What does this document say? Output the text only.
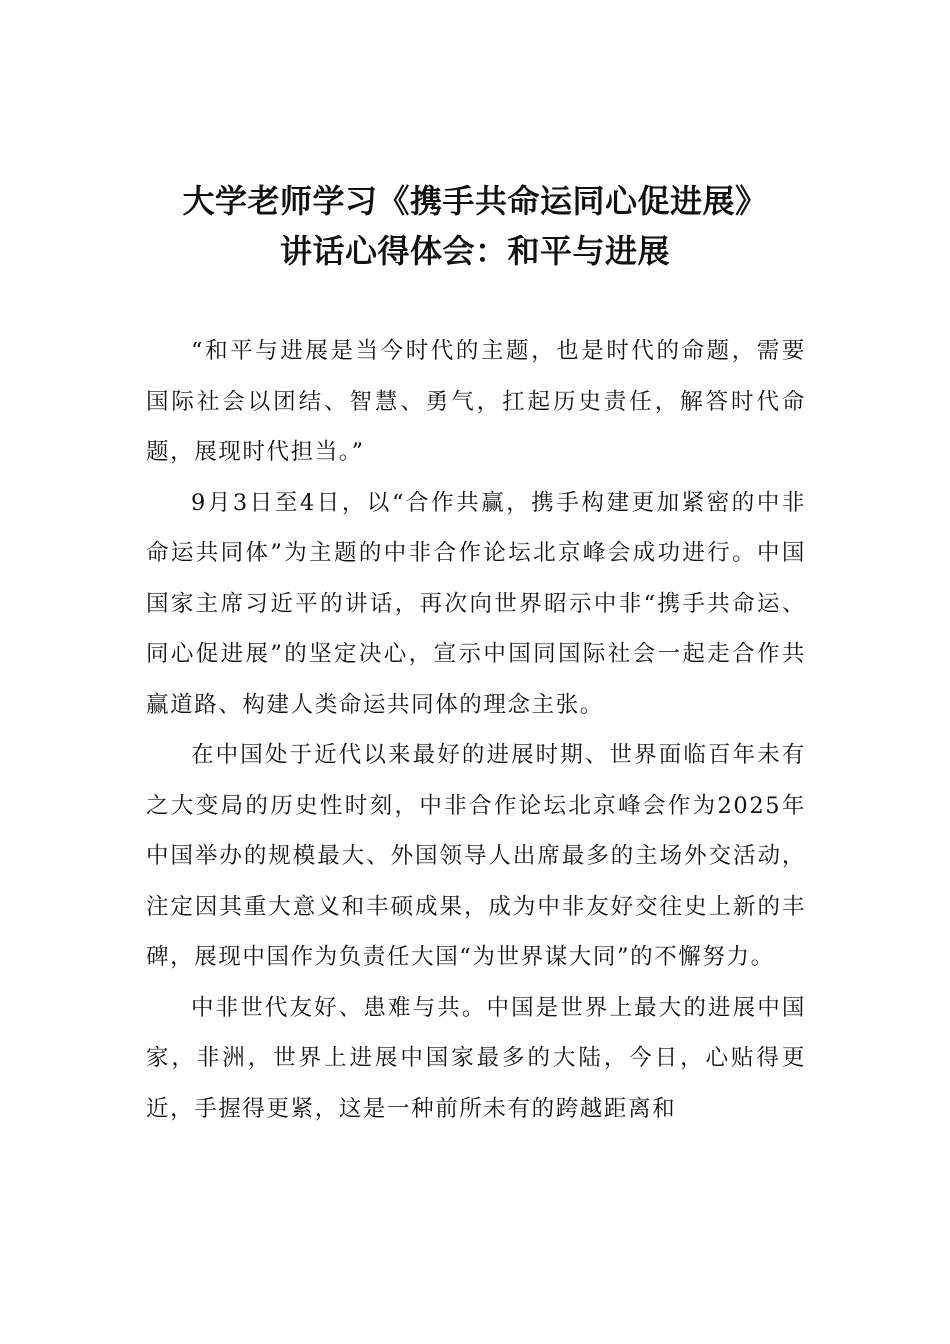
大学老师学习《携手共命运同心促进展》
讲话心得体会：和平与进展

“和平与进展是当今时代的主题，也是时代的命题，需要国际社会以团结、智慧、勇气，扛起历史责任，解答时代命题，展现时代担当。”

9月3日至4日，以“合作共赢，携手构建更加紧密的中非命运共同体”为主题的中非合作论坛北京峰会成功进行。中国国家主席习近平的讲话，再次向世界昭示中非“携手共命运、同心促进展”的坚定决心，宣示中国同国际社会一起走合作共赢道路、构建人类命运共同体的理念主张。

在中国处于近代以来最好的进展时期、世界面临百年未有之大变局的历史性时刻，中非合作论坛北京峰会作为2025年中国举办的规模最大、外国领导人出席最多的主场外交活动，注定因其重大意义和丰硕成果，成为中非友好交往史上新的丰碑，展现中国作为负责任大国“为世界谋大同”的不懈努力。

中非世代友好、患难与共。中国是世界上最大的进展中国家，非洲，世界上进展中国家最多的大陆，今日，心贴得更近，手握得更紧，这是一种前所未有的跨越距离和
